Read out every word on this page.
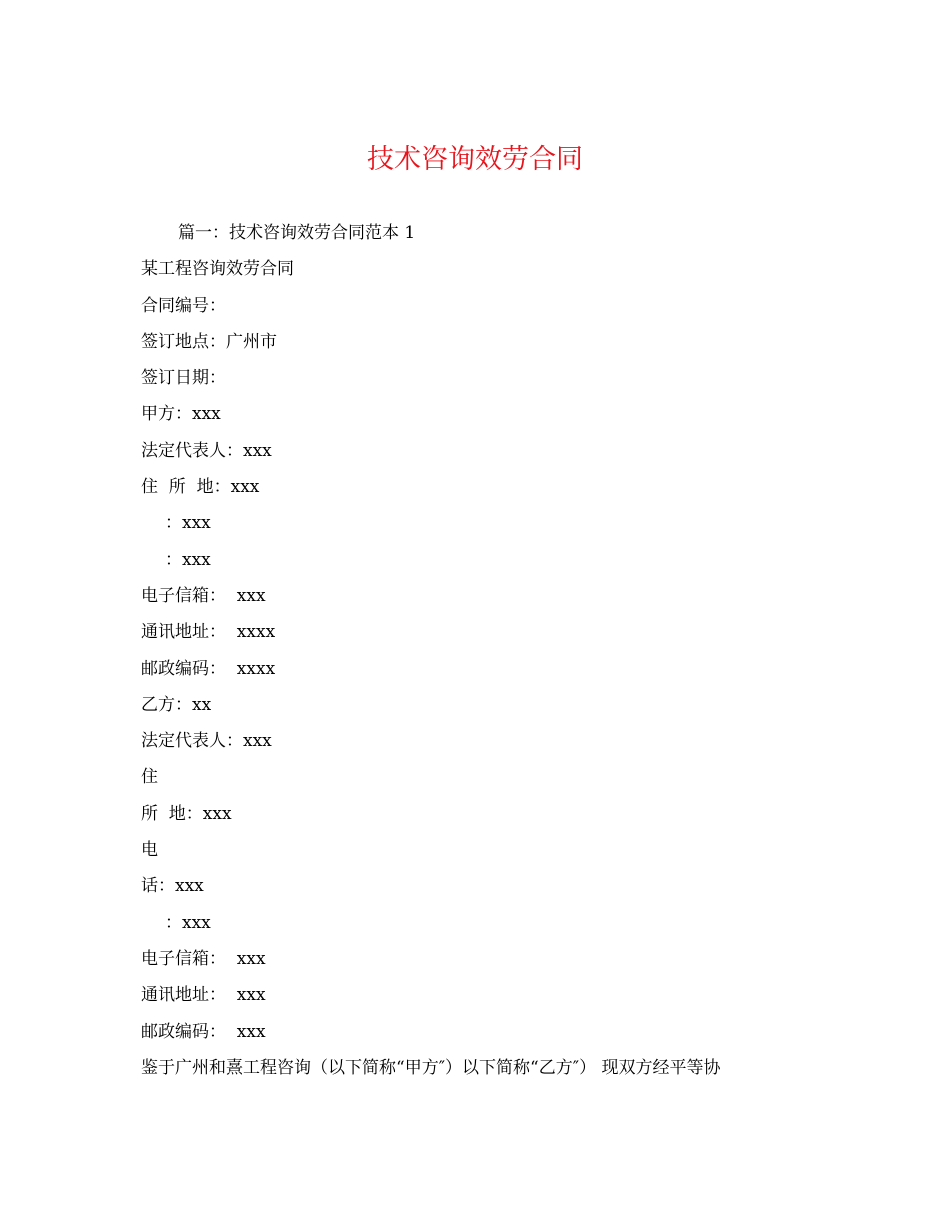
技术咨询效劳合同
篇一：技术咨询效劳合同范本 1
某工程咨询效劳合同
合同编号：
签订地点：广州市
签订日期：
甲方：xxx
法定代表人：xxx
住  所  地：xxx
：xxx
：xxx
电子信箱：  xxx
通讯地址：  xxxx
邮政编码：  xxxx
乙方：xx
法定代表人：xxx
住
所  地：xxx
电
话：xxx
：xxx
电子信箱：  xxx
通讯地址：  xxx
邮政编码：  xxx
鉴于广州和熹工程咨询（以下简称“甲方″）以下简称“乙方″） 现双方经平等协
